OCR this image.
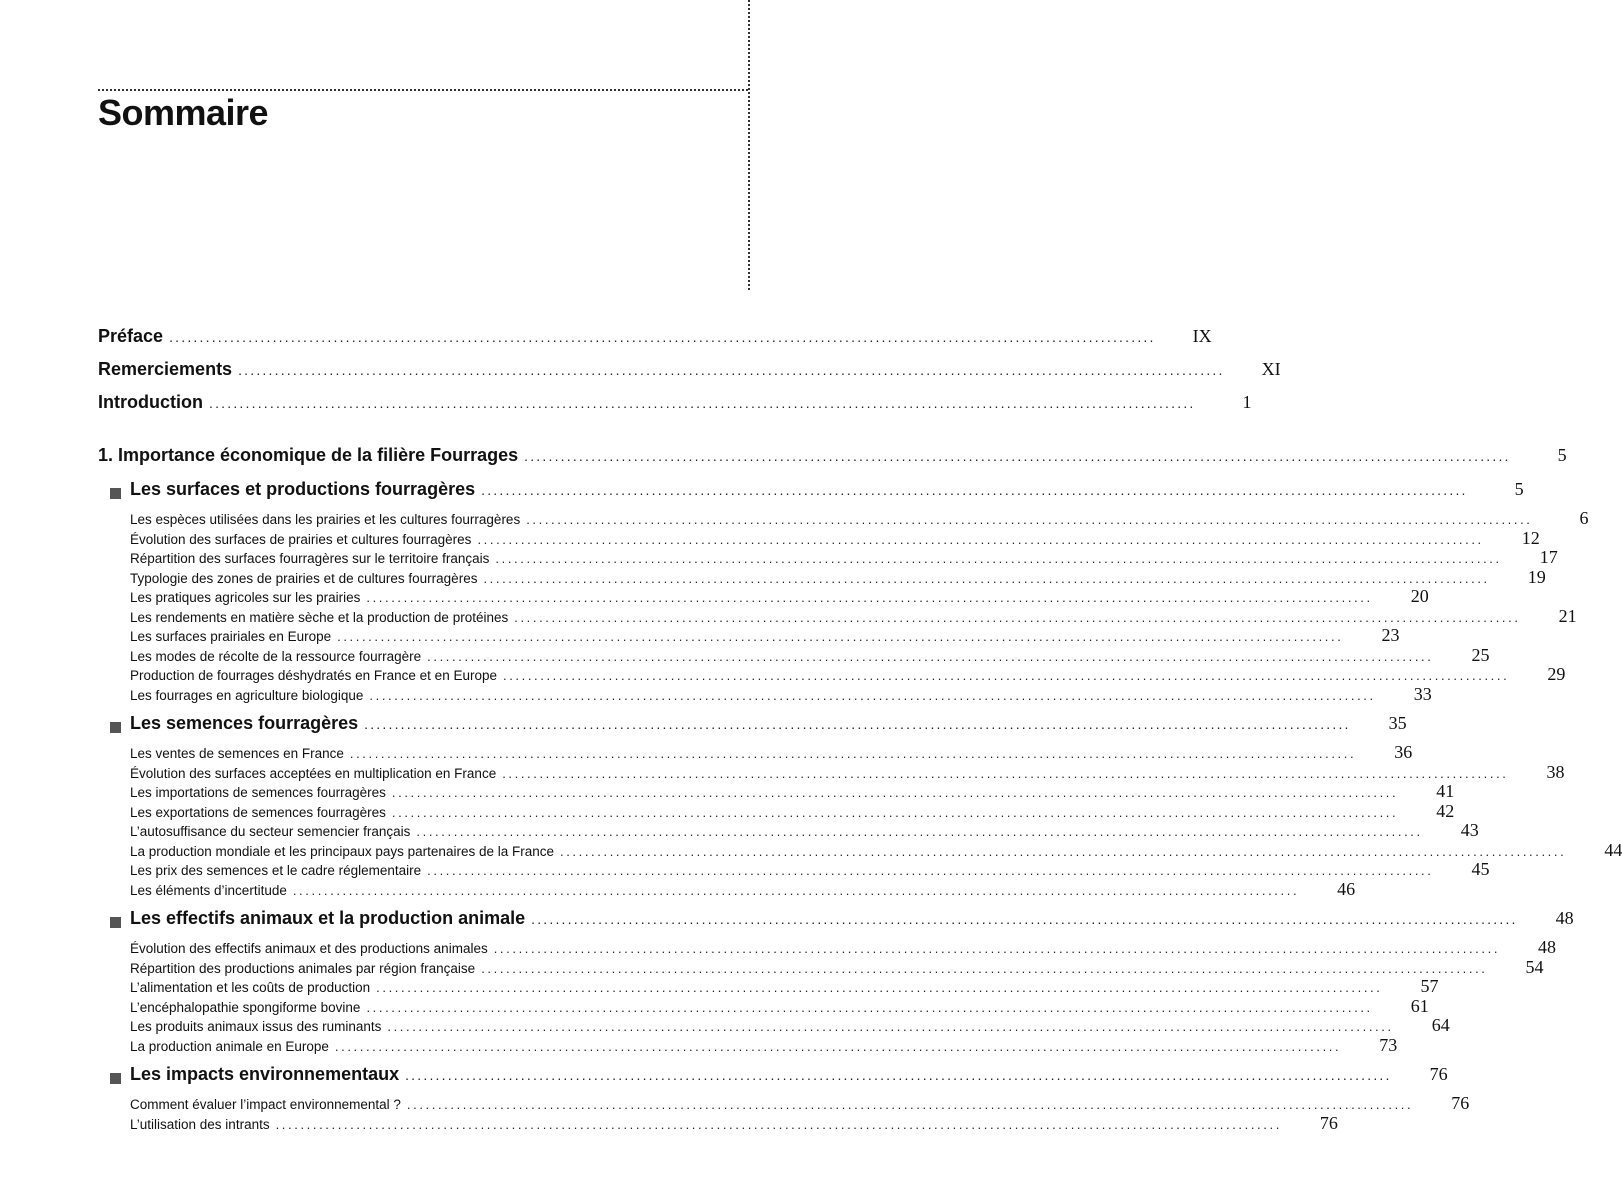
Sommaire
Préface ..................................................................................................................................................................	IX
Remerciements ..................................................................................................................................................................	XI
Introduction ..................................................................................................................................................................	1
1. Importance économique de la filière Fourrages ..................................................................................................................................................................	5
Les surfaces et productions fourragères ..................................................................................................................................................................	5
Les espèces utilisées dans les prairies et les cultures fourragères ..................................................................................................................................................................	6
Évolution des surfaces de prairies et cultures fourragères ..................................................................................................................................................................	12
Répartition des surfaces fourragères sur le territoire français ..................................................................................................................................................................	17
Typologie des zones de prairies et de cultures fourragères ..................................................................................................................................................................	19
Les pratiques agricoles sur les prairies ..................................................................................................................................................................	20
Les rendements en matière sèche et la production de protéines ..................................................................................................................................................................	21
Les surfaces prairiales en Europe ..................................................................................................................................................................	23
Les modes de récolte de la ressource fourragère ..................................................................................................................................................................	25
Production de fourrages déshydratés en France et en Europe ..................................................................................................................................................................	29
Les fourrages en agriculture biologique ..................................................................................................................................................................	33
Les semences fourragères ..................................................................................................................................................................	35
Les ventes de semences en France ..................................................................................................................................................................	36
Évolution des surfaces acceptées en multiplication en France ..................................................................................................................................................................	38
Les importations de semences fourragères ..................................................................................................................................................................	41
Les exportations de semences fourragères ..................................................................................................................................................................	42
L’autosuffisance du secteur semencier français ..................................................................................................................................................................	43
La production mondiale et les principaux pays partenaires de la France ..................................................................................................................................................................	44
Les prix des semences et le cadre réglementaire ..................................................................................................................................................................	45
Les éléments d’incertitude ..................................................................................................................................................................	46
Les effectifs animaux et la production animale ..................................................................................................................................................................	48
Évolution des effectifs animaux et des productions animales ..................................................................................................................................................................	48
Répartition des productions animales par région française ..................................................................................................................................................................	54
L’alimentation et les coûts de production ..................................................................................................................................................................	57
L’encéphalopathie spongiforme bovine ..................................................................................................................................................................	61
Les produits animaux issus des ruminants ..................................................................................................................................................................	64
La production animale en Europe ..................................................................................................................................................................	73
Les impacts environnementaux ..................................................................................................................................................................	76
Comment évaluer l’impact environnemental ? ..................................................................................................................................................................	76
L’utilisation des intrants ..................................................................................................................................................................	76
